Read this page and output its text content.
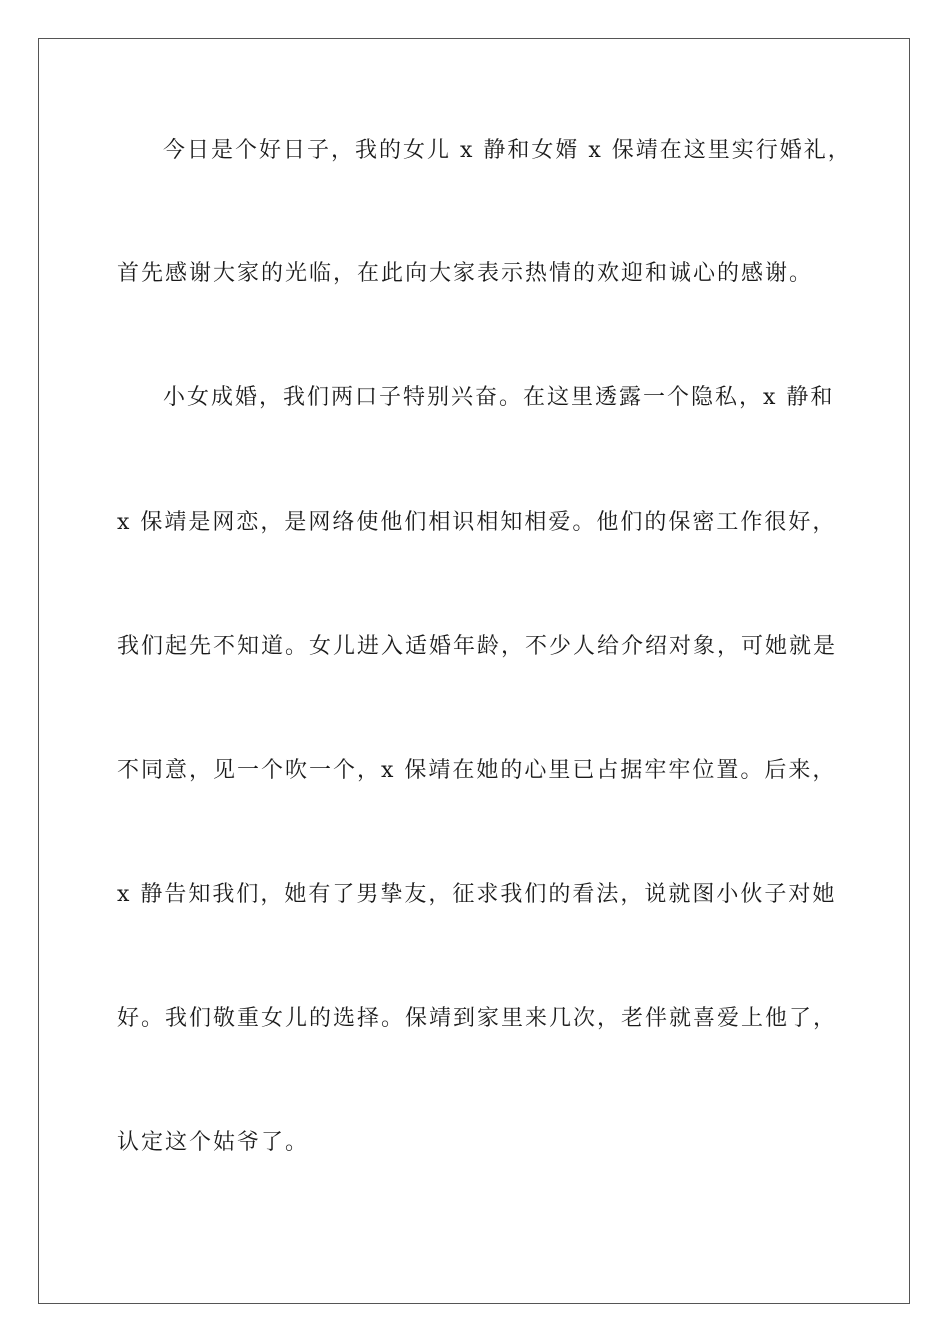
今日是个好日子，我的女儿 x 静和女婿 x 保靖在这里实行婚礼，
首先感谢大家的光临，在此向大家表示热情的欢迎和诚心的感谢。
小女成婚，我们两口子特别兴奋。在这里透露一个隐私，x 静和
x 保靖是网恋，是网络使他们相识相知相爱。他们的保密工作很好，
我们起先不知道。女儿进入适婚年龄，不少人给介绍对象，可她就是
不同意，见一个吹一个，x 保靖在她的心里已占据牢牢位置。后来，
x 静告知我们，她有了男挚友，征求我们的看法，说就图小伙子对她
好。我们敬重女儿的选择。保靖到家里来几次，老伴就喜爱上他了，
认定这个姑爷了。
